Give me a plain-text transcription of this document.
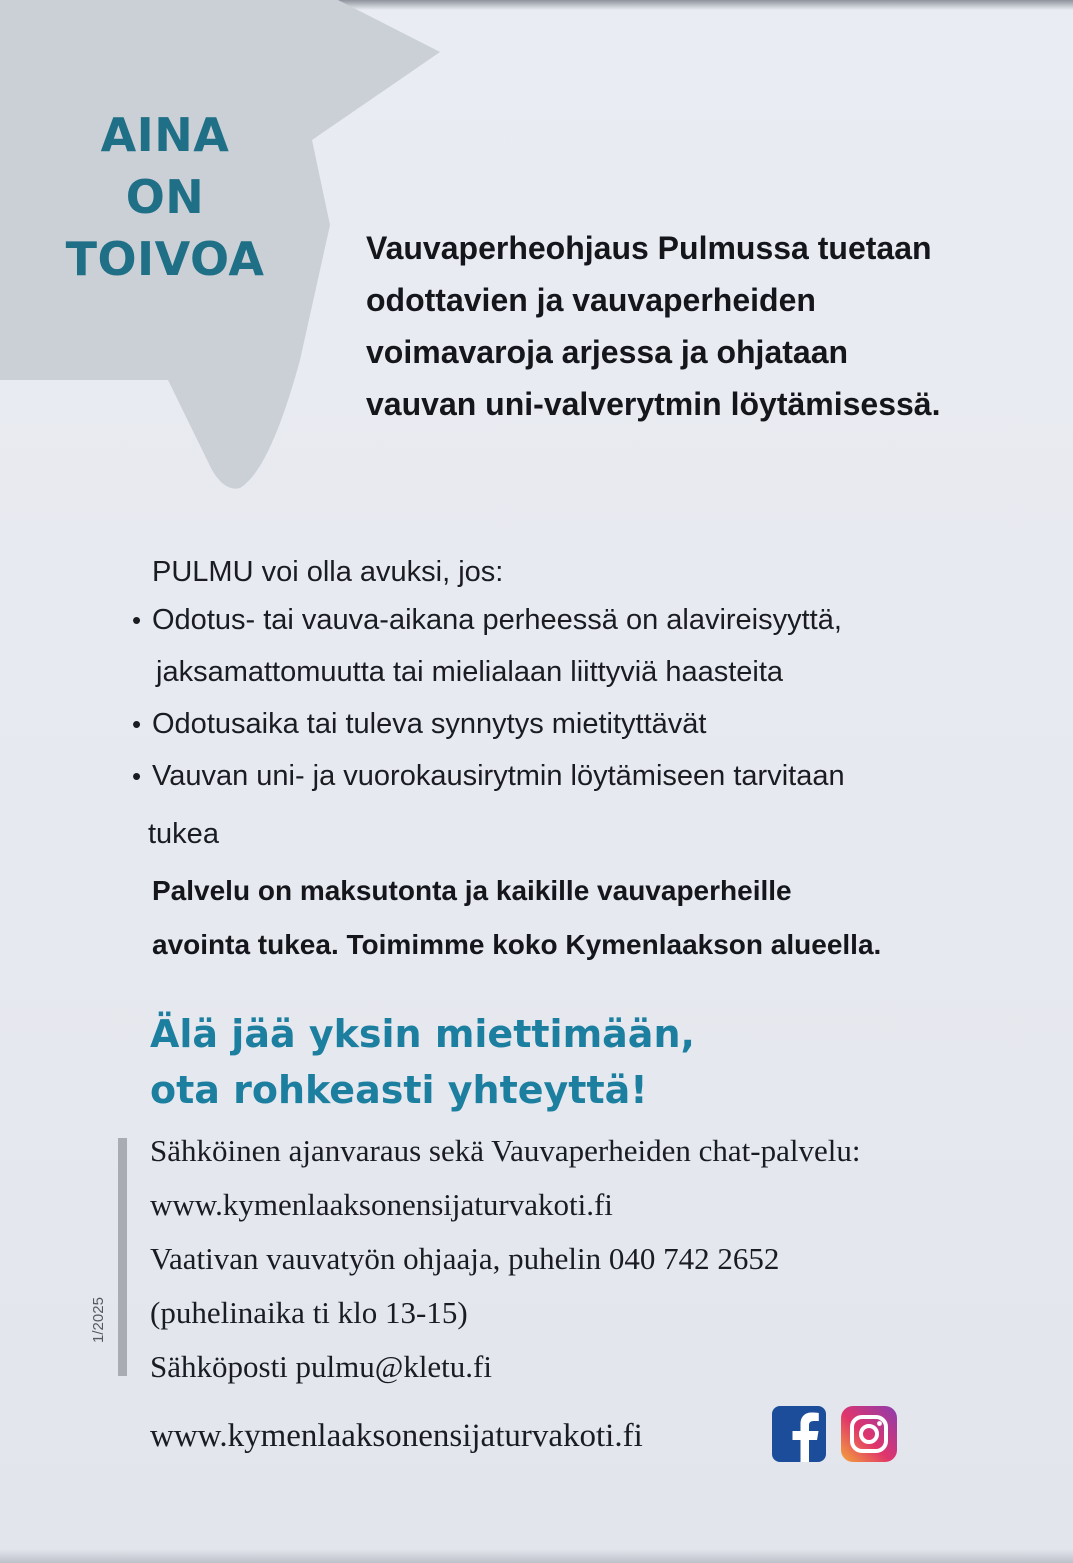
AINA
ON
TOIVOA	Vauvaperheohjaus Pulmussa tuetaan
odottavien ja vauvaperheiden
voimavaroja arjessa ja ohjataan
vauvan uni-valverytmin löytämisessä.
PULMU voi olla avuksi, jos:
• Odotus- tai vauva-aikana perheessä on alavireisyyttä,
jaksamattomuutta tai mielialaan liittyviä haasteita
• Odotusaika tai tuleva synnytys mietityttävät
• Vauvan uni- ja vuorokausirytmin löytämiseen tarvitaan
tukea
Palvelu on maksutonta ja kaikille vauvaperheille
avointa tukea. Toimimme koko Kymenlaakson alueella.
Älä jää yksin miettimään,
ota rohkeasti yhteyttä!
1/2025
Sähköinen ajanvaraus sekä Vauvaperheiden chat-palvelu:
www.kymenlaaksonensijaturvakoti.fi
Vaativan vauvatyön ohjaaja, puhelin 040 742 2652
(puhelinaika ti klo 13-15)
Sähköposti pulmu@kletu.fi
www.kymenlaaksonensijaturvakoti.fi
